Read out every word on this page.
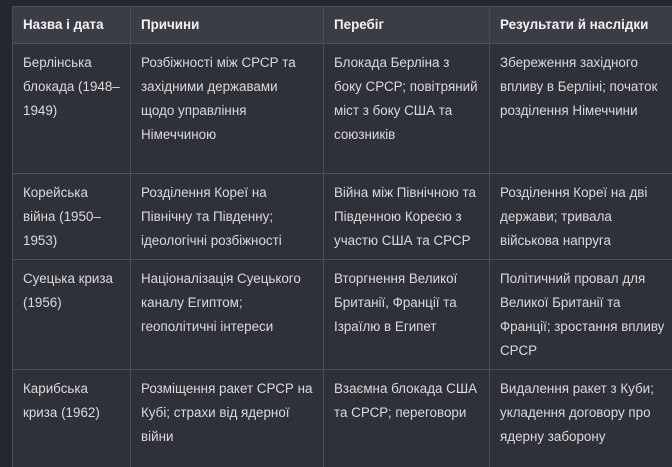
Назва і дата	Причини	Перебіг	Результати й наслідки
Берлінська блокада (1948–1949)	Розбіжності між СРСР та західними державами щодо управління Німеччиною	Блокада Берліна з боку СРСР; повітряний міст з боку США та союзників	Збереження західного впливу в Берліні; початок розділення Німеччини
Корейська війна (1950–1953)	Розділення Кореї на Північну та Південну; ідеологічні розбіжності	Війна між Північною та Південною Кореєю з участю США та СРСР	Розділення Кореї на дві держави; тривала військова напруга
Суецька криза (1956)	Націоналізація Суецького каналу Египтом; геополітичні інтереси	Вторгнення Великої Британії, Франції та Ізраїлю в Египет	Політичний провал для Великої Британії та Франції; зростання впливу СРСР
Карибська криза (1962)	Розміщення ракет СРСР на Кубі; страхи від ядерної війни	Взаємна блокада США та СРСР; переговори	Видалення ракет з Куби; укладення договору про ядерну заборону
